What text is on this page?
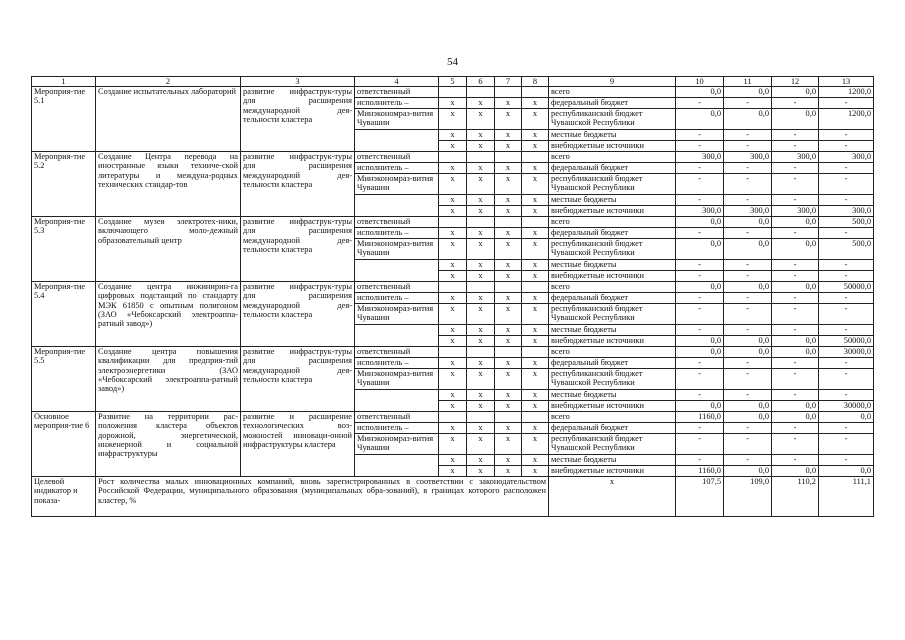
54
1	2	3	4	5	6	7	8	9	10	11	12	13
Мероприя-тие 5.1	Создание испытательных лабораторий	развитие инфраструк-туры для расширения международной дея-тельности кластера	ответственный					всего	0,0	0,0	0,0	1200,0
			исполнитель –	x	x	x	x	федеральный бюджет	-	-	-	-
			Минэкономраз-вития Чувашии	x	x	x	x	республиканский бюджет Чувашской Республики	0,0	0,0	0,0	1200,0
				x	x	x	x	местные бюджеты	-	-	-	-
				x	x	x	x	внебюджетные источники	-	-	-	-
Мероприя-тие 5.2	Создание Центра перевода на иностранные языки техниче-ской литературы и междуна-родных технических стандар-тов	развитие инфраструк-туры для расширения международной дея-тельности кластера	ответственный					всего	300,0	300,0	300,0	300,0
			исполнитель –	x	x	x	x	федеральный бюджет	-	-	-	-
			Минэкономраз-вития Чувашии	x	x	x	x	республиканский бюджет Чувашской Республики	-	-	-	-
				x	x	x	x	местные бюджеты	-	-	-	-
				x	x	x	x	внебюджетные источники	300,0	300,0	300,0	300,0
Мероприя-тие 5.3	Создание музея электротех-ники, включающего моло-дежный образовательный центр	развитие инфраструк-туры для расширения международной дея-тельности кластера	ответственный					всего	0,0	0,0	0,0	500,0
			исполнитель –	x	x	x	x	федеральный бюджет	-	-	-	-
			Минэкономраз-вития Чувашии	x	x	x	x	республиканский бюджет Чувашской Республики	0,0	0,0	0,0	500,0
				x	x	x	x	местные бюджеты	-	-	-	-
				x	x	x	x	внебюджетные источники	-	-	-	-
Мероприя-тие 5.4	Создание центра инжинирин-га цифровых подстанций по стандарту МЭК 61850 с опытным полигоном (ЗАО «Чебоксарский электроаппа-ратный завод»)	развитие инфраструк-туры для расширения международной дея-тельности кластера	ответственный					всего	0,0	0,0	0,0	50000,0
			исполнитель –	x	x	x	x	федеральный бюджет	-	-	-	-
			Минэкономраз-вития Чувашии	x	x	x	x	республиканский бюджет Чувашской Республики	-	-	-	-
				x	x	x	x	местные бюджеты	-	-	-	-
				x	x	x	x	внебюджетные источники	0,0	0,0	0,0	50000,0
Мероприя-тие 5.5	Создание центра повышения квалификации для предприя-тий электроэнергетики (ЗАО «Чебоксарский электроаппа-ратный завод»)	развитие инфраструк-туры для расширения международной дея-тельности кластера	ответственный					всего	0,0	0,0	0,0	30000,0
			исполнитель –	x	x	x	x	федеральный бюджет	-	-	-	-
			Минэкономраз-вития Чувашии	x	x	x	x	республиканский бюджет Чувашской Республики	-	-	-	-
				x	x	x	x	местные бюджеты	-	-	-	-
				x	x	x	x	внебюджетные источники	0,0	0,0	0,0	30000,0
Основное мероприя-тие 6	Развитие на территории рас-положения кластера объектов дорожной, энергетической, инженерной и социальной инфраструктуры	развитие и расширение технологических воз-можностей инноваци-онной инфраструктуры кластера	ответственный					всего	1160,0	0,0	0,0	0,0
			исполнитель –	x	x	x	x	федеральный бюджет	-	-	-	-
			Минэкономраз-вития Чувашии	x	x	x	x	республиканский бюджет Чувашской Республики	-	-	-	-
				x	x	x	x	местные бюджеты	-	-	-	-
				x	x	x	x	внебюджетные источники	1160,0	0,0	0,0	0,0
Целевой индикатор и показа-	Рост количества малых инновационных компаний, вновь зарегистрированных в соответствии с законодательством Российской Федерации, муниципального образования (муниципальных обра-зований), в границах которого расположен кластер, %							x	107,5	109,0	110,2	111,1
